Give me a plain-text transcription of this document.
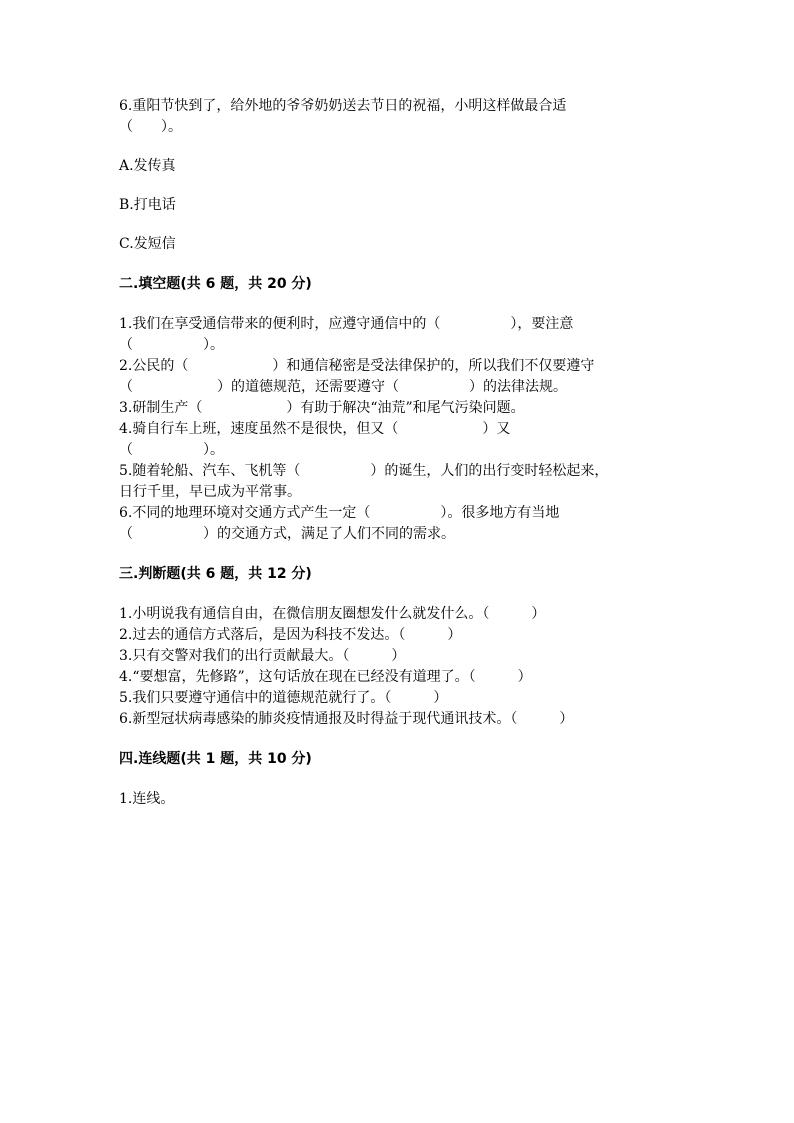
6.重阳节快到了，给外地的爷爷奶奶送去节日的祝福，小明这样做最合适
（　　）。
A.发传真
B.打电话
C.发短信
二.填空题(共 6 题，共 20 分)
1.我们在享受通信带来的便利时，应遵守通信中的（　　　　　），要注意
（　　　　　）。
2.公民的（　　　　　　）和通信秘密是受法律保护的，所以我们不仅要遵守
（　　　　　　）的道德规范，还需要遵守（　　　　　）的法律法规。
3.研制生产（　　　　　　）有助于解决“油荒”和尾气污染问题。
4.骑自行车上班，速度虽然不是很快，但又（　　　　　　）又
（　　　　　）。
5.随着轮船、汽车、飞机等（　　　　　）的诞生，人们的出行变时轻松起来，
日行千里，早已成为平常事。
6.不同的地理环境对交通方式产生一定（　　　　　）。很多地方有当地
（　　　　　）的交通方式，满足了人们不同的需求。
三.判断题(共 6 题，共 12 分)
1.小明说我有通信自由，在微信朋友圈想发什么就发什么。（　　　）
2.过去的通信方式落后，是因为科技不发达。（　　　）
3.只有交警对我们的出行贡献最大。（　　　）
4.“要想富，先修路”，这句话放在现在已经没有道理了。（　　　）
5.我们只要遵守通信中的道德规范就行了。（　　　）
6.新型冠状病毒感染的肺炎疫情通报及时得益于现代通讯技术。（　　　）
四.连线题(共 1 题，共 10 分)
1.连线。
